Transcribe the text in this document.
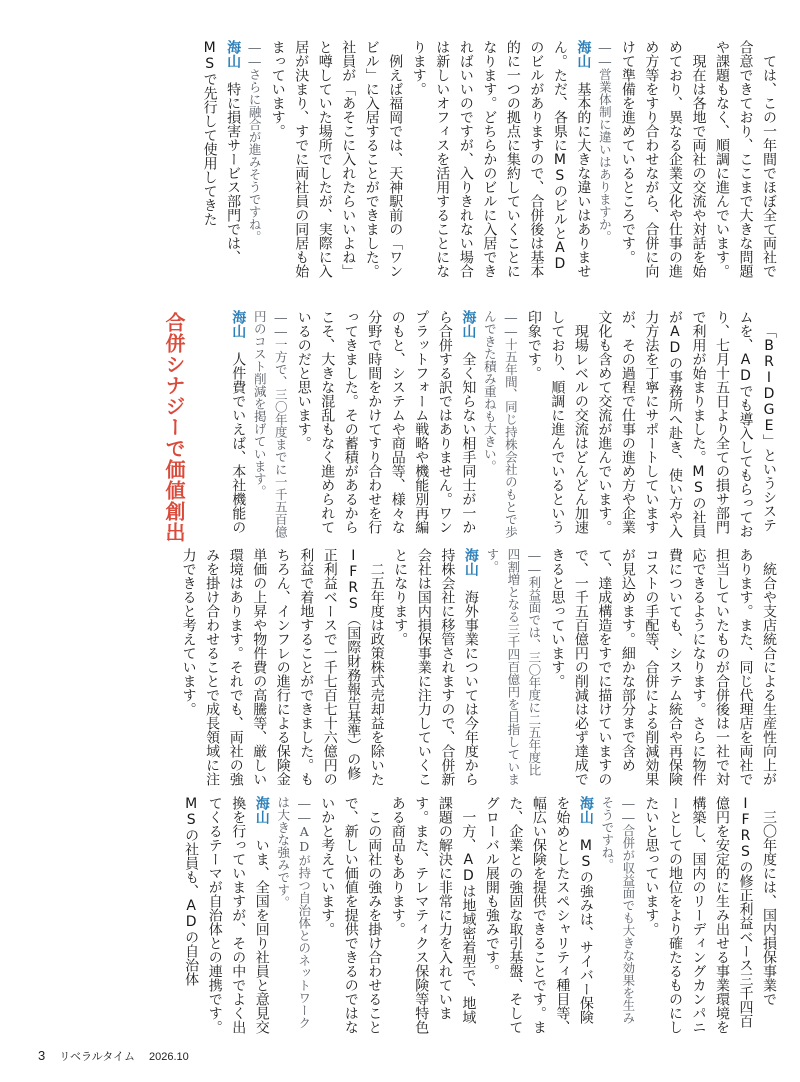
ては、この一年間でほぼ全て両社で合意できており、ここまで大きな問題や課題もなく、順調に進んでいます。

現在は各地で両社の交流や対話を始めており、異なる企業文化や仕事の進め方等をすり合わせながら、合併に向けて準備を進めているところです。

――営業体制に違いはありますか。

海山　基本的に大きな違いはありません。ただ、各県にMSのビルとADのビルがありますので、合併後は基本的に一つの拠点に集約していくことになります。どちらかのビルに入居できればいいのですが、入りきれない場合は新しいオフィスを活用することになります。

例えば福岡では、天神駅前の「ワンビル」に入居することができました。社員が「あそこに入れたらいいよね」と噂していた場所でしたが、実際に入居が決まり、すでに両社員の同居も始まっています。

――さらに融合が進みそうですね。

海山　特に損害サービス部門では、MSで先行して使用してきた

「BRIDGE」というシステムを、ADでも導入してもらっており、七月十五日より全ての損サ部門で利用が始まりました。MSの社員がADの事務所へ赴き、使い方や入力方法を丁寧にサポートしていますが、その過程で仕事の進め方や企業文化も含めて交流が進んでいます。

現場レベルの交流はどんどん加速しており、順調に進んでいるという印象です。

――十五年間、同じ持株会社のもとで歩んできた積み重ねも大きい。

海山　全く知らない相手同士が一から合併する訳ではありません。ワンプラットフォーム戦略や機能別再編のもと、システムや商品等、様々な分野で時間をかけてすり合わせを行ってきました。その蓄積があるからこそ、大きな混乱もなく進められているのだと思います。

――一方で、三〇年度までに一千五百億円のコスト削減を掲げています。

海山　人件費でいえば、本社機能の

合併シナジーで価値創出

統合や支店統合による生産性向上があります。また、同じ代理店を両社で担当していたものが合併後は一社で対応できるようになります。さらに物件費についても、システム統合や再保険コストの手配等、合併による削減効果が見込めます。細かな部分まで含めて、達成構造をすでに描けていますので、一千五百億円の削減は必ず達成できると思っています。

――利益面では、三〇年度に二五年度比四割増となる三千四百億円を目指しています。

海山　海外事業については今年度から持株会社に移管されますので、合併新会社は国内損保事業に注力していくことになります。

二五年度は政策株式売却益を除いたIFRS（国際財務報告基準）の修正利益ベースで一千七百七十六億円の利益で着地することができました。もちろん、インフレの進行による保険金単価の上昇や物件費の高騰等、厳しい環境はあります。それでも、両社の強みを掛け合わせることで成長領域に注力できると考えています。

三〇年度には、国内損保事業でIFRSの修正利益ベース三千四百億円を安定的に生み出せる事業環境を構築し、国内のリーディングカンパニーとしての地位をより確たるものにしたいと思っています。

――合併が収益面でも大きな効果を生みそうですね。

海山　MSの強みは、サイバー保険を始めとしたスペシャリティ種目等、幅広い保険を提供できることです。また、企業との強固な取引基盤、そしてグローバル展開も強みです。

一方、ADは地域密着型で、地域課題の解決に非常に力を入れています。また、テレマティクス保険等特色ある商品もあります。

この両社の強みを掛け合わせることで、新しい価値を提供できるのではないかと考えています。

――ADが持つ自治体とのネットワークは大きな強みです。

海山　いま、全国を回り社員と意見交換を行っていますが、その中でよく出てくるテーマが自治体との連携です。MSの社員も、ADの自治体

3 リベラルタイム 2026.10
